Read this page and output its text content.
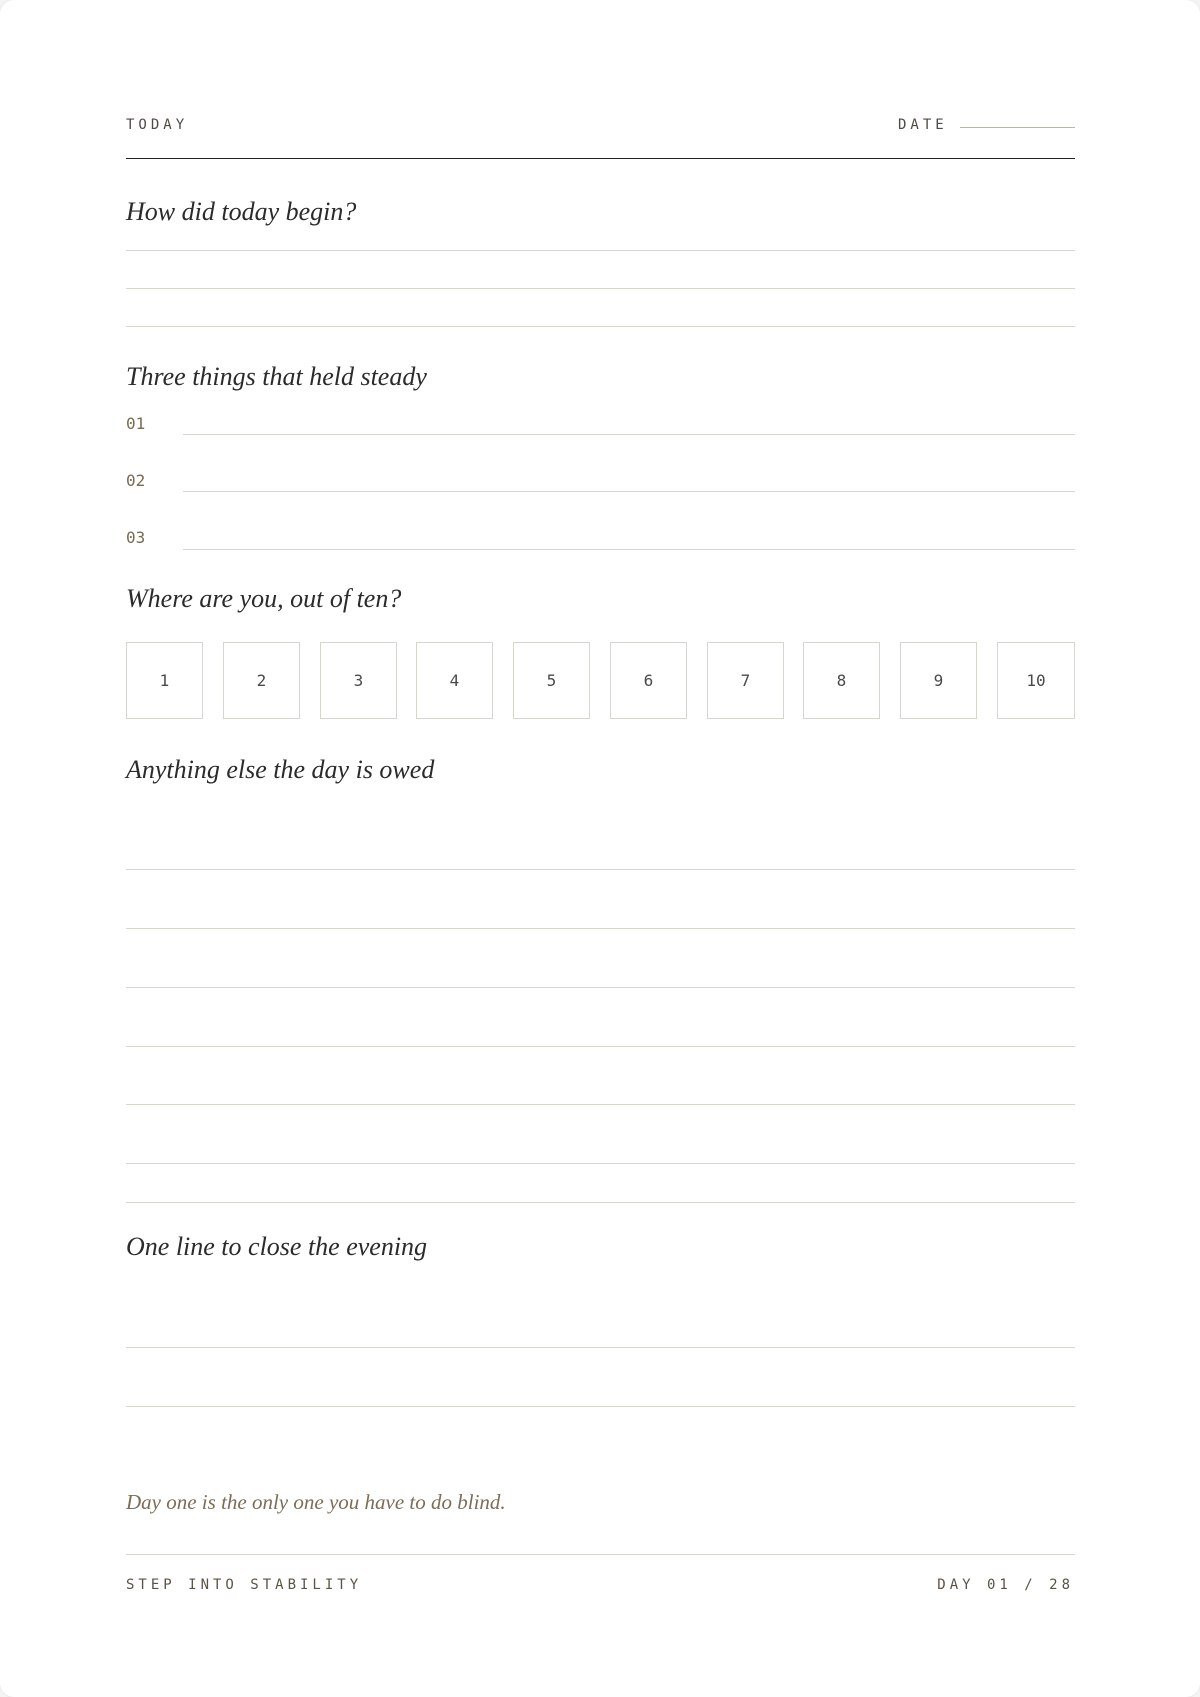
TODAY	DATE
How did today begin?
Three things that held steady
01
02
03
Where are you, out of ten?
1	2	3	4	5	6	7	8	9	10
Anything else the day is owed
One line to close the evening
Day one is the only one you have to do blind.
STEP INTO STABILITY	DAY 01 / 28
